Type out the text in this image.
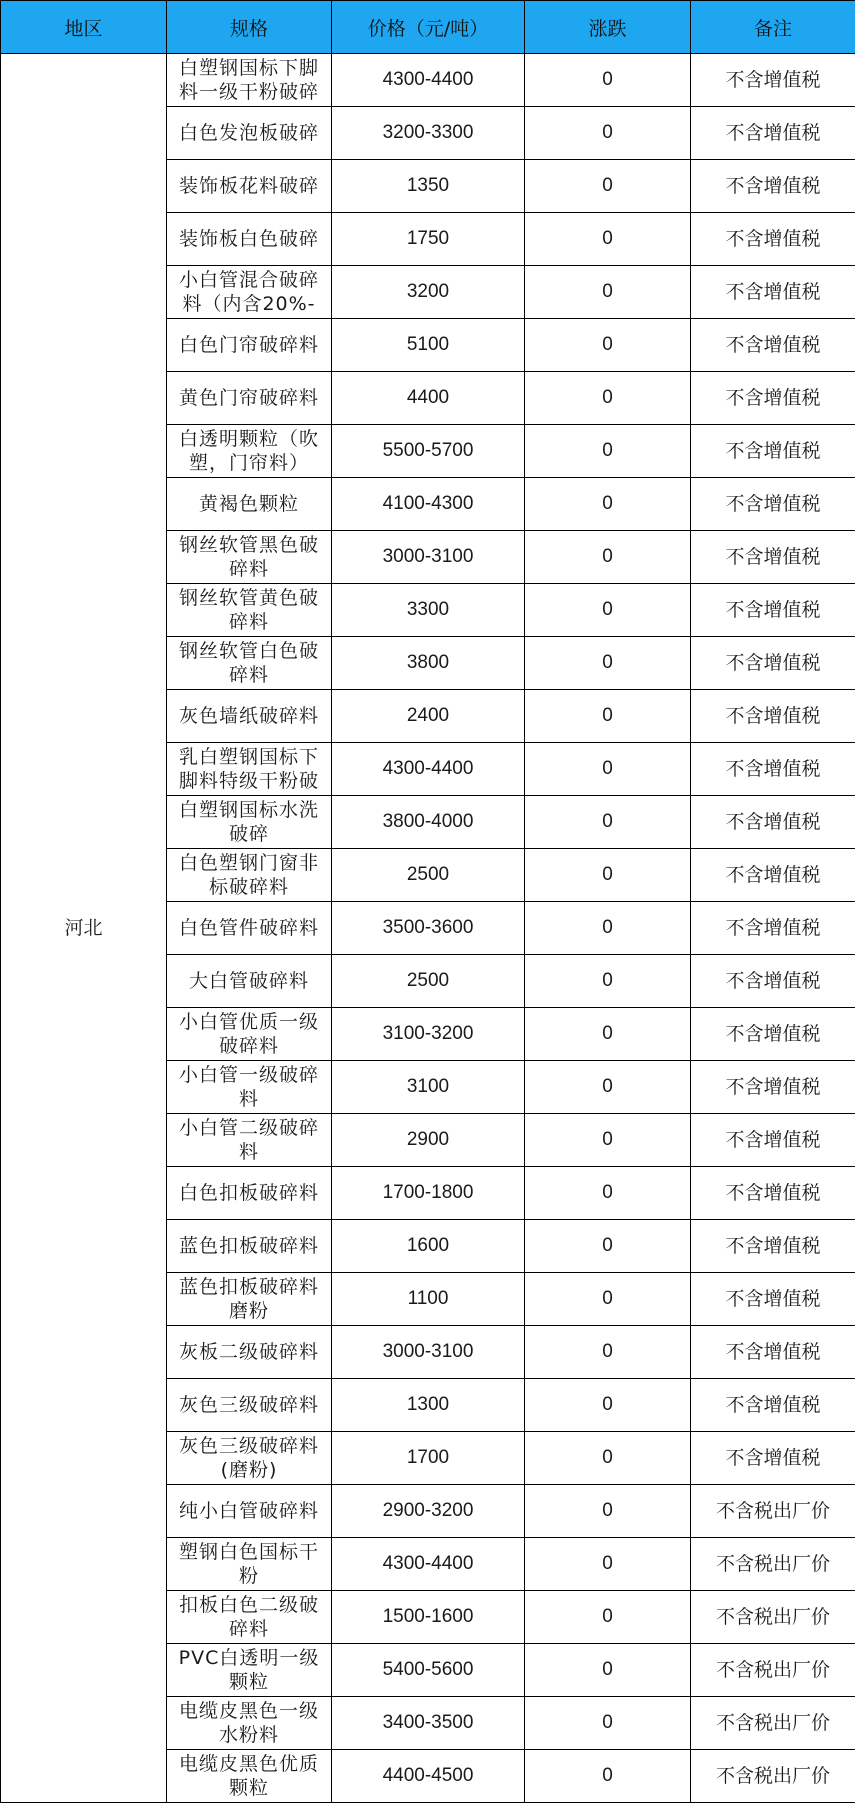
地区	规格	价格（元/吨）	涨跌	备注
河北	白塑钢国标下脚料一级干粉破碎	4300-4400	0	不含增值税
	白色发泡板破碎	3200-3300	0	不含增值税
	装饰板花料破碎	1350	0	不含增值税
	装饰板白色破碎	1750	0	不含增值税
	小白管混合破碎料（内含20%-	3200	0	不含增值税
	白色门帘破碎料	5100	0	不含增值税
	黄色门帘破碎料	4400	0	不含增值税
	白透明颗粒（吹塑，门帘料）	5500-5700	0	不含增值税
	黄褐色颗粒	4100-4300	0	不含增值税
	钢丝软管黑色破碎料	3000-3100	0	不含增值税
	钢丝软管黄色破碎料	3300	0	不含增值税
	钢丝软管白色破碎料	3800	0	不含增值税
	灰色墙纸破碎料	2400	0	不含增值税
	乳白塑钢国标下脚料特级干粉破	4300-4400	0	不含增值税
	白塑钢国标水洗破碎	3800-4000	0	不含增值税
	白色塑钢门窗非标破碎料	2500	0	不含增值税
	白色管件破碎料	3500-3600	0	不含增值税
	大白管破碎料	2500	0	不含增值税
	小白管优质一级破碎料	3100-3200	0	不含增值税
	小白管一级破碎料	3100	0	不含增值税
	小白管二级破碎料	2900	0	不含增值税
	白色扣板破碎料	1700-1800	0	不含增值税
	蓝色扣板破碎料	1600	0	不含增值税
	蓝色扣板破碎料磨粉	1100	0	不含增值税
	灰板二级破碎料	3000-3100	0	不含增值税
	灰色三级破碎料	1300	0	不含增值税
	灰色三级破碎料(磨粉)	1700	0	不含增值税
	纯小白管破碎料	2900-3200	0	不含税出厂价
	塑钢白色国标干粉	4300-4400	0	不含税出厂价
	扣板白色二级破碎料	1500-1600	0	不含税出厂价
	PVC白透明一级颗粒	5400-5600	0	不含税出厂价
	电缆皮黑色一级水粉料	3400-3500	0	不含税出厂价
	电缆皮黑色优质颗粒	4400-4500	0	不含税出厂价
